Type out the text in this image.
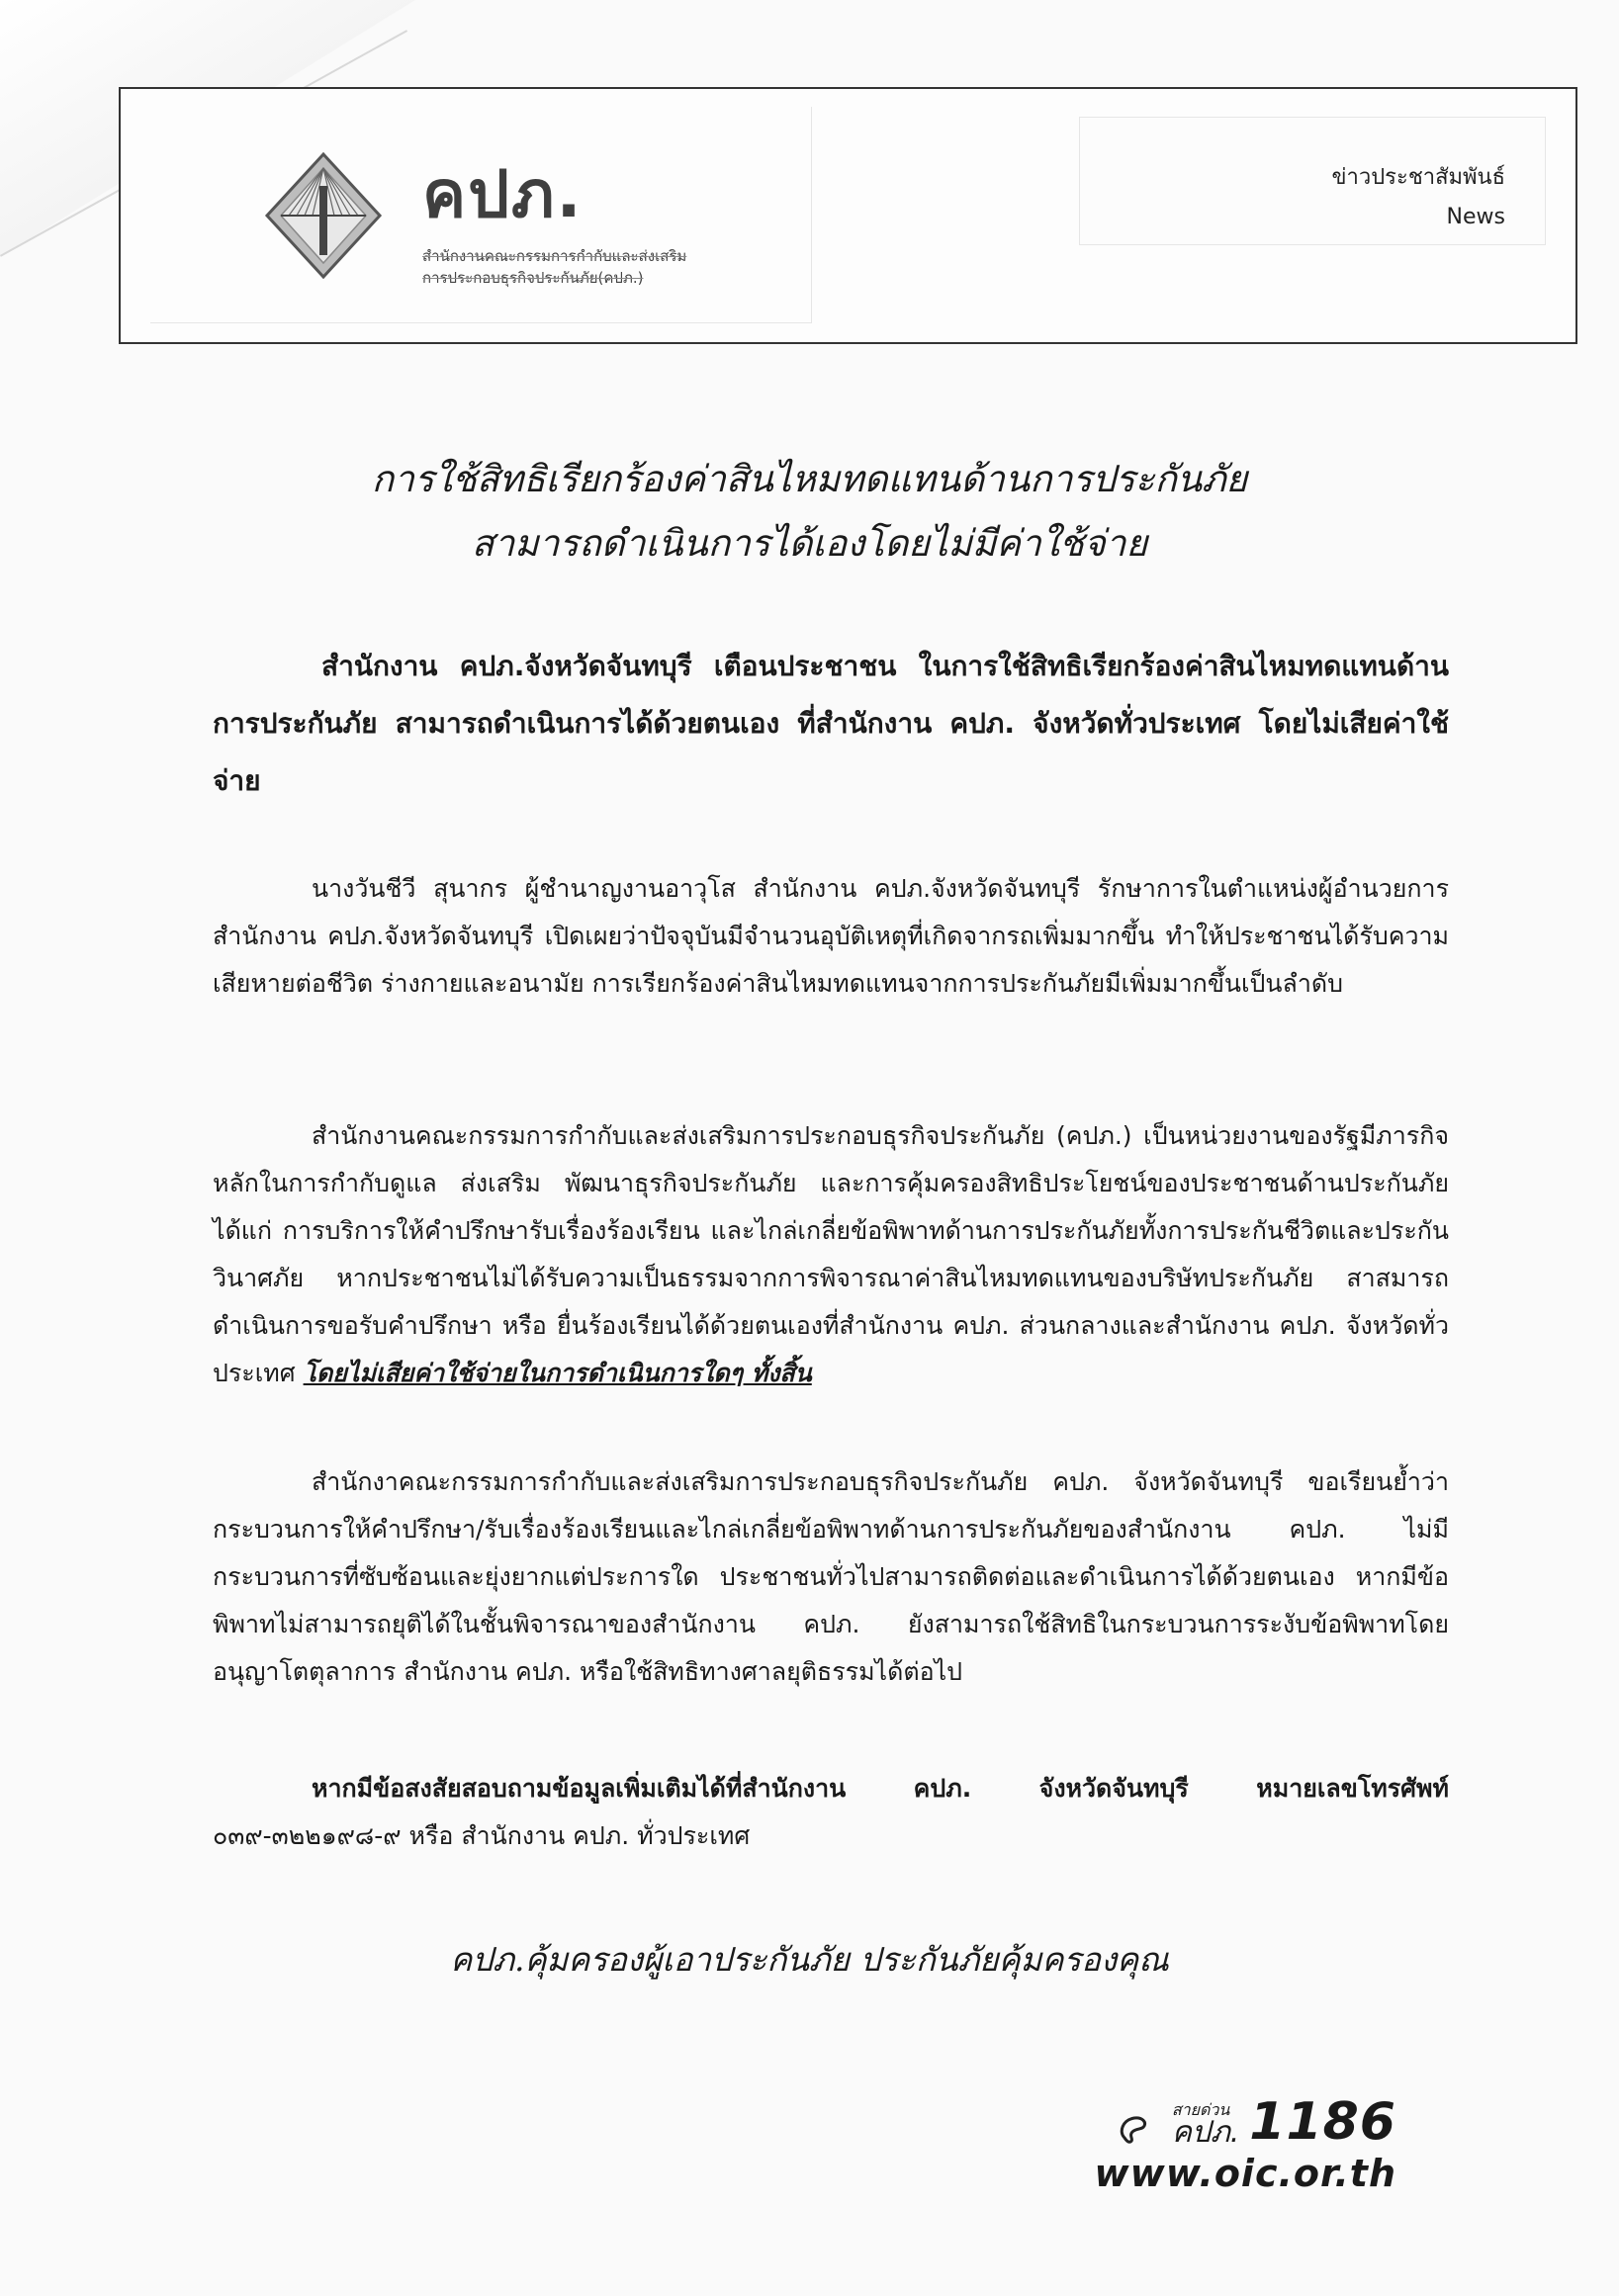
คปภ.
สำนักงานคณะกรรมการกำกับและส่งเสริม
การประกอบธุรกิจประกันภัย(คปภ.)
ข่าวประชาสัมพันธ์
News
การใช้สิทธิเรียกร้องค่าสินไหมทดแทนด้านการประกันภัย
สามารถดำเนินการได้เองโดยไม่มีค่าใช้จ่าย

สำนักงาน คปภ.จังหวัดจันทบุรี เตือนประชาชน ในการใช้สิทธิเรียกร้องค่าสินไหมทดแทนด้านการประกันภัย สามารถดำเนินการได้ด้วยตนเอง ที่สำนักงาน คปภ. จังหวัดทั่วประเทศ โดยไม่เสียค่าใช้จ่าย

นางวันชีวี สุนากร ผู้ชำนาญงานอาวุโส สำนักงาน คปภ.จังหวัดจันทบุรี รักษาการในตำแหน่งผู้อำนวยการสำนักงาน คปภ.จังหวัดจันทบุรี เปิดเผยว่าปัจจุบันมีจำนวนอุบัติเหตุที่เกิดจากรถเพิ่มมากขึ้น ทำให้ประชาชนได้รับความเสียหายต่อชีวิต ร่างกายและอนามัย การเรียกร้องค่าสินไหมทดแทนจากการประกันภัยมีเพิ่มมากขึ้นเป็นลำดับ

สำนักงานคณะกรรมการกำกับและส่งเสริมการประกอบธุรกิจประกันภัย (คปภ.) เป็นหน่วยงานของรัฐมีภารกิจหลักในการกำกับดูแล ส่งเสริม พัฒนาธุรกิจประกันภัย และการคุ้มครองสิทธิประโยชน์ของประชาชนด้านประกันภัย ได้แก่ การบริการให้คำปรึกษารับเรื่องร้องเรียน และไกล่เกลี่ยข้อพิพาทด้านการประกันภัยทั้งการประกันชีวิตและประกันวินาศภัย หากประชาชนไม่ได้รับความเป็นธรรมจากการพิจารณาค่าสินไหมทดแทนของบริษัทประกันภัย สาสมารถดำเนินการขอรับคำปรึกษา หรือ ยื่นร้องเรียนได้ด้วยตนเองที่สำนักงาน คปภ. ส่วนกลางและสำนักงาน คปภ. จังหวัดทั่วประเทศ โดยไม่เสียค่าใช้จ่ายในการดำเนินการใดๆ ทั้งสิ้น

สำนักงาคณะกรรมการกำกับและส่งเสริมการประกอบธุรกิจประกันภัย คปภ. จังหวัดจันทบุรี ขอเรียนย้ำว่ากระบวนการให้คำปรึกษา/รับเรื่องร้องเรียนและไกล่เกลี่ยข้อพิพาทด้านการประกันภัยของสำนักงาน คปภ. ไม่มีกระบวนการที่ซับซ้อนและยุ่งยากแต่ประการใด ประชาชนทั่วไปสามารถติดต่อและดำเนินการได้ด้วยตนเอง หากมีข้อพิพาทไม่สามารถยุติได้ในชั้นพิจารณาของสำนักงาน คปภ. ยังสามารถใช้สิทธิในกระบวนการระงับข้อพิพาทโดยอนุญาโตตุลาการ สำนักงาน คปภ. หรือใช้สิทธิทางศาลยุติธรรมได้ต่อไป

หากมีข้อสงสัยสอบถามข้อมูลเพิ่มเติมได้ที่สำนักงาน คปภ. จังหวัดจันทบุรี หมายเลขโทรศัพท์ ๐๓๙-๓๒๒๑๙๘-๙ หรือ สำนักงาน คปภ. ทั่วประเทศ

คปภ.คุ้มครองผู้เอาประกันภัย ประกันภัยคุ้มครองคุณ
สายด่วน
คปภ. 1186
www.oic.or.th
